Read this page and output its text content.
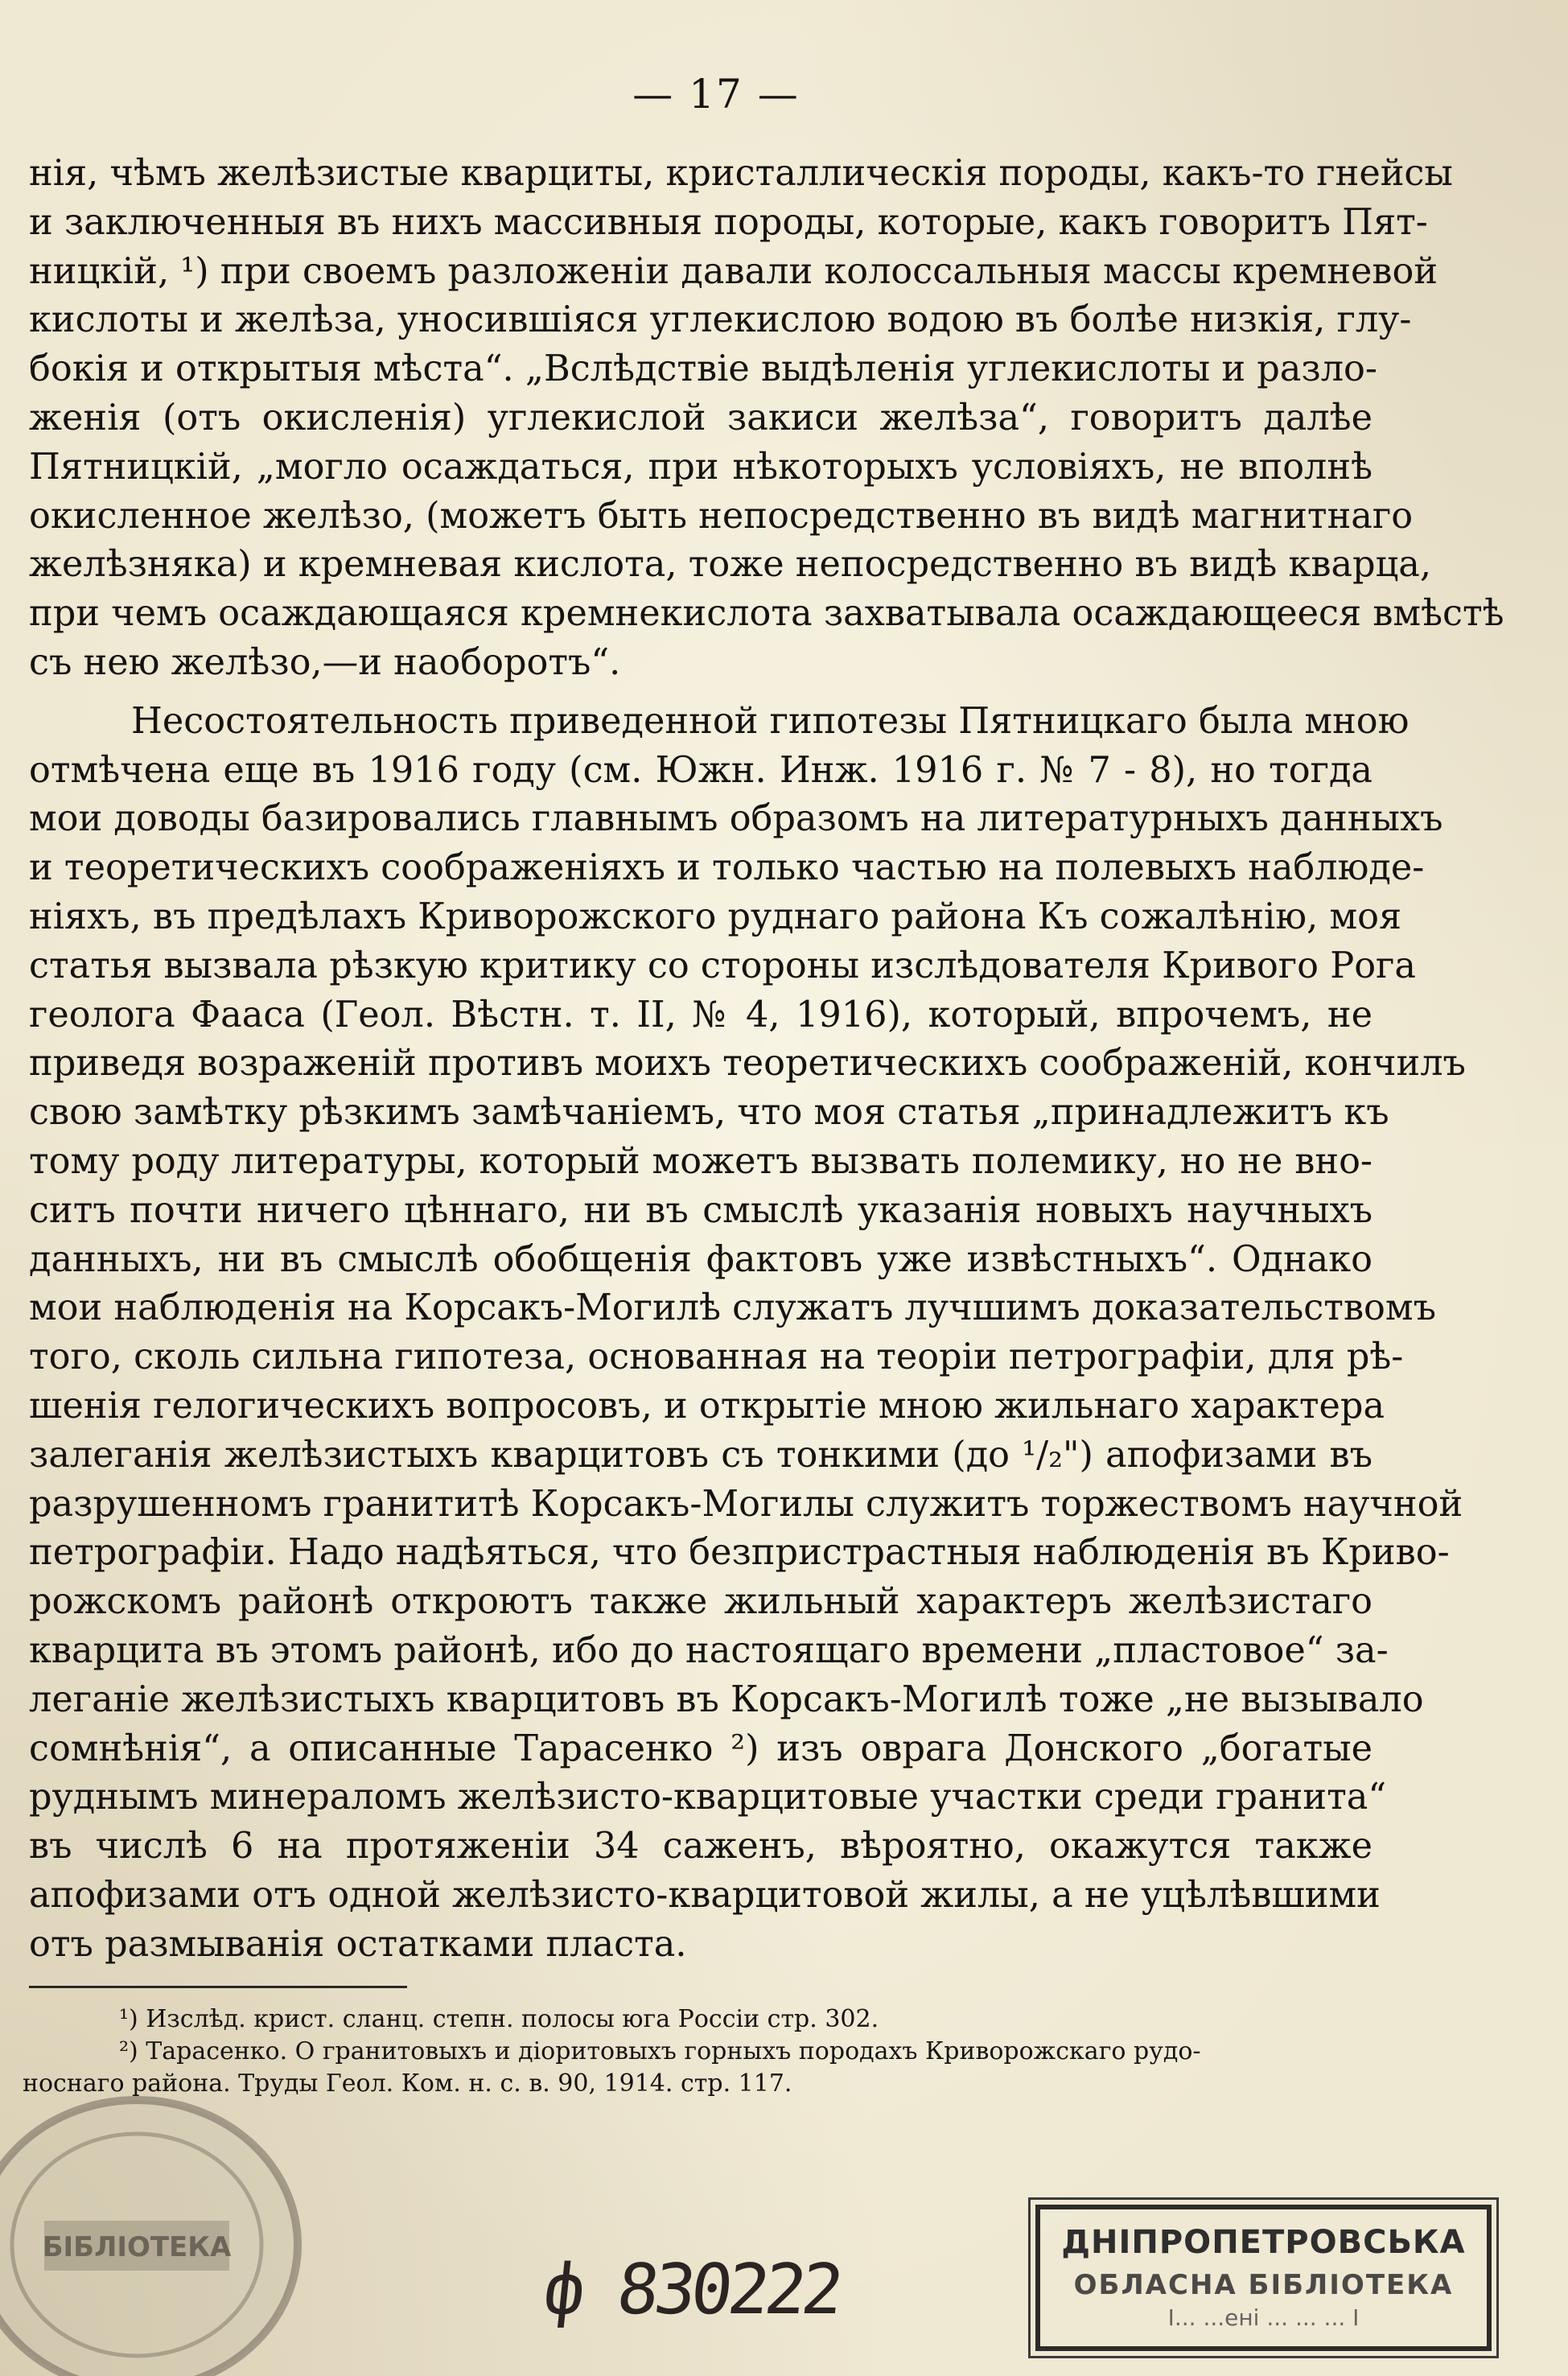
— 17 —
нія, чѣмъ желѣзистые кварциты, кристаллическія породы, какъ-то гнейсы
и заключенныя въ нихъ массивныя породы, которые, какъ говоритъ Пят-
ницкій, ¹) при своемъ разложеніи давали колоссальныя массы кремневой
кислоты и желѣза, уносившіяся углекислою водою въ болѣе низкія, глу-
бокія и открытыя мѣста“. „Вслѣдствіе выдѣленія углекислоты и разло-
женія (отъ окисленія) углекислой закиси желѣза“, говоритъ далѣе
Пятницкій, „могло осаждаться, при нѣкоторыхъ условіяхъ, не вполнѣ
окисленное желѣзо, (можетъ быть непосредственно въ видѣ магнитнаго
желѣзняка) и кремневая кислота, тоже непосредственно въ видѣ кварца,
при чемъ осаждающаяся кремнекислота захватывала осаждающееся вмѣстѣ
съ нею желѣзо,—и наоборотъ“.
Несостоятельность приведенной гипотезы Пятницкаго была мною
отмѣчена еще въ 1916 году (см. Южн. Инж. 1916 г. № 7 - 8), но тогда
мои доводы базировались главнымъ образомъ на литературныхъ данныхъ
и теоретическихъ соображеніяхъ и только частью на полевыхъ наблюде-
ніяхъ, въ предѣлахъ Криворожского руднаго района Къ сожалѣнію, моя
статья вызвала рѣзкую критику со стороны изслѣдователя Кривого Рога
геолога Фааса (Геол. Вѣстн. т. II, № 4, 1916), который, впрочемъ, не
приведя возраженій противъ моихъ теоретическихъ соображеній, кончилъ
свою замѣтку рѣзкимъ замѣчаніемъ, что моя статья „принадлежитъ къ
тому роду литературы, который можетъ вызвать полемику, но не вно-
ситъ почти ничего цѣннаго, ни въ смыслѣ указанія новыхъ научныхъ
данныхъ, ни въ смыслѣ обобщенія фактовъ уже извѣстныхъ“. Однако
мои наблюденія на Корсакъ-Могилѣ служатъ лучшимъ доказательствомъ
того, сколь сильна гипотеза, основанная на теоріи петрографіи, для рѣ-
шенія гелогическихъ вопросовъ, и открытіе мною жильнаго характера
залеганія желѣзистыхъ кварцитовъ съ тонкими (до ¹/₂") апофизами въ
разрушенномъ гранититѣ Корсакъ-Могилы служитъ торжествомъ научной
петрографіи. Надо надѣяться, что безпристрастныя наблюденія въ Криво-
рожскомъ районѣ откроютъ также жильный характеръ желѣзистаго
кварцита въ этомъ районѣ, ибо до настоящаго времени „пластовое“ за-
леганіе желѣзистыхъ кварцитовъ въ Корсакъ-Могилѣ тоже „не вызывало
сомнѣнія“, а описанные Тарасенко ²) изъ оврага Донского „богатые
руднымъ минераломъ желѣзисто-кварцитовые участки среди гранита“
въ числѣ 6 на протяженіи 34 саженъ, вѣроятно, окажутся также
апофизами отъ одной желѣзисто-кварцитовой жилы, а не уцѣлѣвшими
отъ размыванія остатками пласта.
¹) Изслѣд. крист. сланц. степн. полосы юга Россіи стр. 302.
²) Тарасенко. О гранитовыхъ и діоритовыхъ горныхъ породахъ Криворожскаго рудо-
носнаго района. Труды Геол. Ком. н. с. в. 90, 1914. стр. 117.
БІБЛІОТЕКА
ф 830222
ДНІПРОПЕТРОВСЬКА
ОБЛАСНА БІБЛІОТЕКА
І... ...ені ... ... ... І
